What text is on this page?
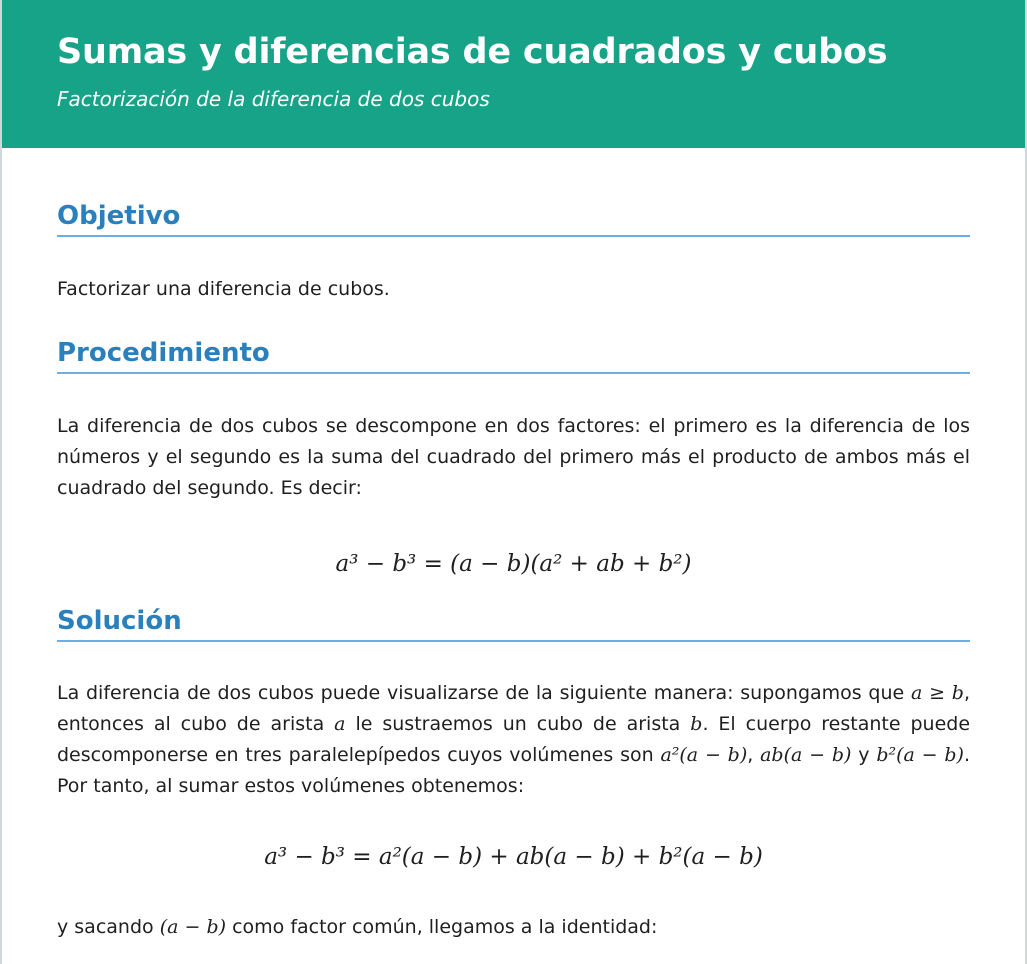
Sumas y diferencias de cuadrados y cubos
Factorización de la diferencia de dos cubos
Objetivo

Factorizar una diferencia de cubos.

Procedimiento

La diferencia de dos cubos se descompone en dos factores: el primero es la diferencia de los números y el segundo es la suma del cuadrado del primero más el producto de ambos más el cuadrado del segundo. Es decir:

a³ − b³ = (a − b)(a² + ab + b²)
Solución

La diferencia de dos cubos puede visualizarse de la siguiente manera: supongamos que a ≥ b, entonces al cubo de arista a le sustraemos un cubo de arista b. El cuerpo restante puede descomponerse en tres paralelepípedos cuyos volúmenes son a²(a − b), ab(a − b) y b²(a − b). Por tanto, al sumar estos volúmenes obtenemos:

a³ − b³ = a²(a − b) + ab(a − b) + b²(a − b)

y sacando (a − b) como factor común, llegamos a la identidad:
